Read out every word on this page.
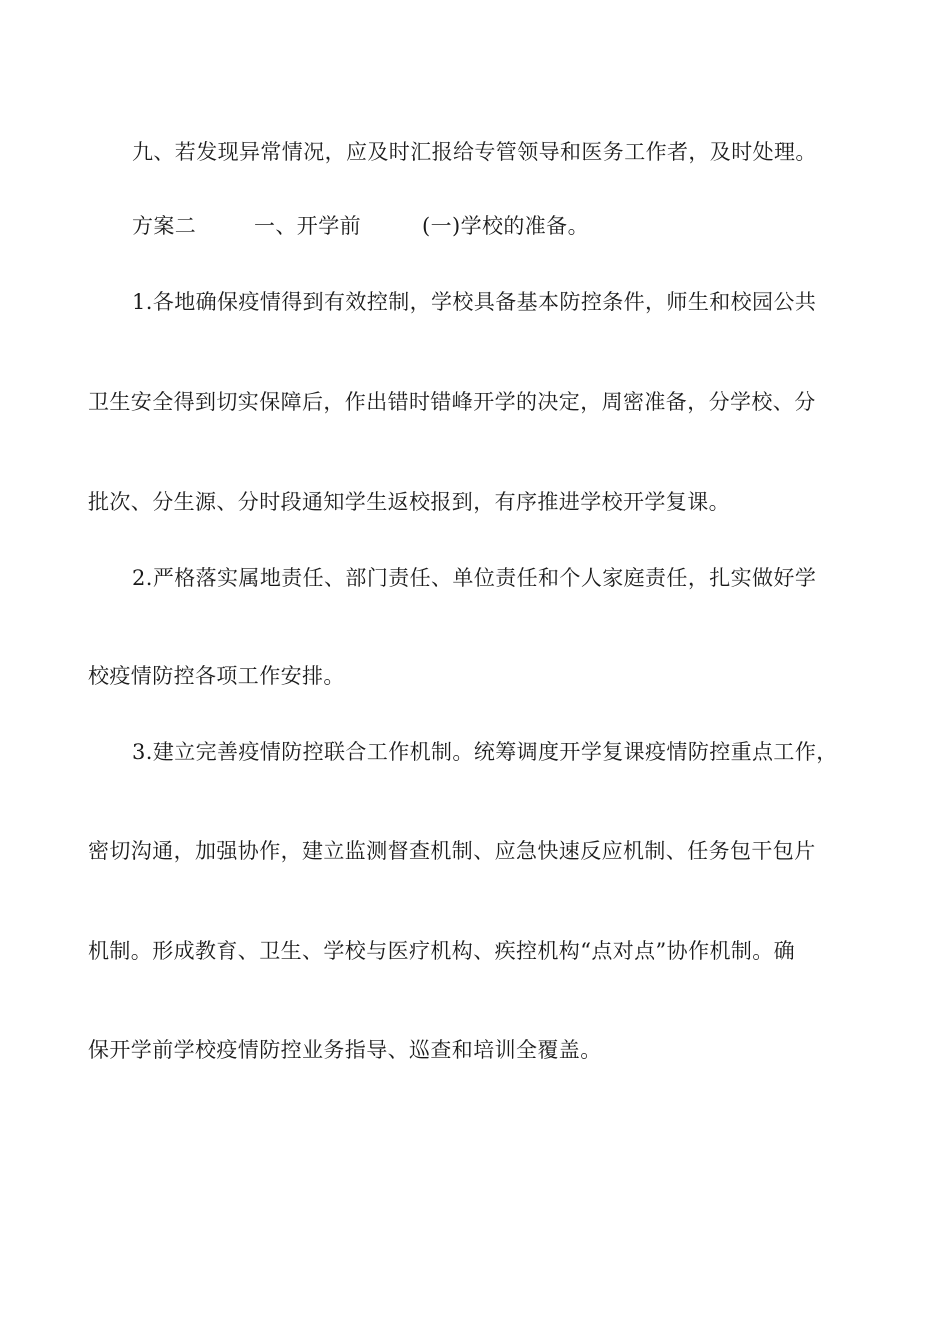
九、若发现异常情况，应及时汇报给专管领导和医务工作者，及时处理。
方案二	一、开学前	(一)学校的准备。
1.各地确保疫情得到有效控制，学校具备基本防控条件，师生和校园公共
卫生安全得到切实保障后，作出错时错峰开学的决定，周密准备，分学校、分
批次、分生源、分时段通知学生返校报到，有序推进学校开学复课。
2.严格落实属地责任、部门责任、单位责任和个人家庭责任，扎实做好学
校疫情防控各项工作安排。
3.建立完善疫情防控联合工作机制。统筹调度开学复课疫情防控重点工作，
密切沟通，加强协作，建立监测督查机制、应急快速反应机制、任务包干包片
机制。形成教育、卫生、学校与医疗机构、疾控机构“点对点”协作机制。确
保开学前学校疫情防控业务指导、巡查和培训全覆盖。
